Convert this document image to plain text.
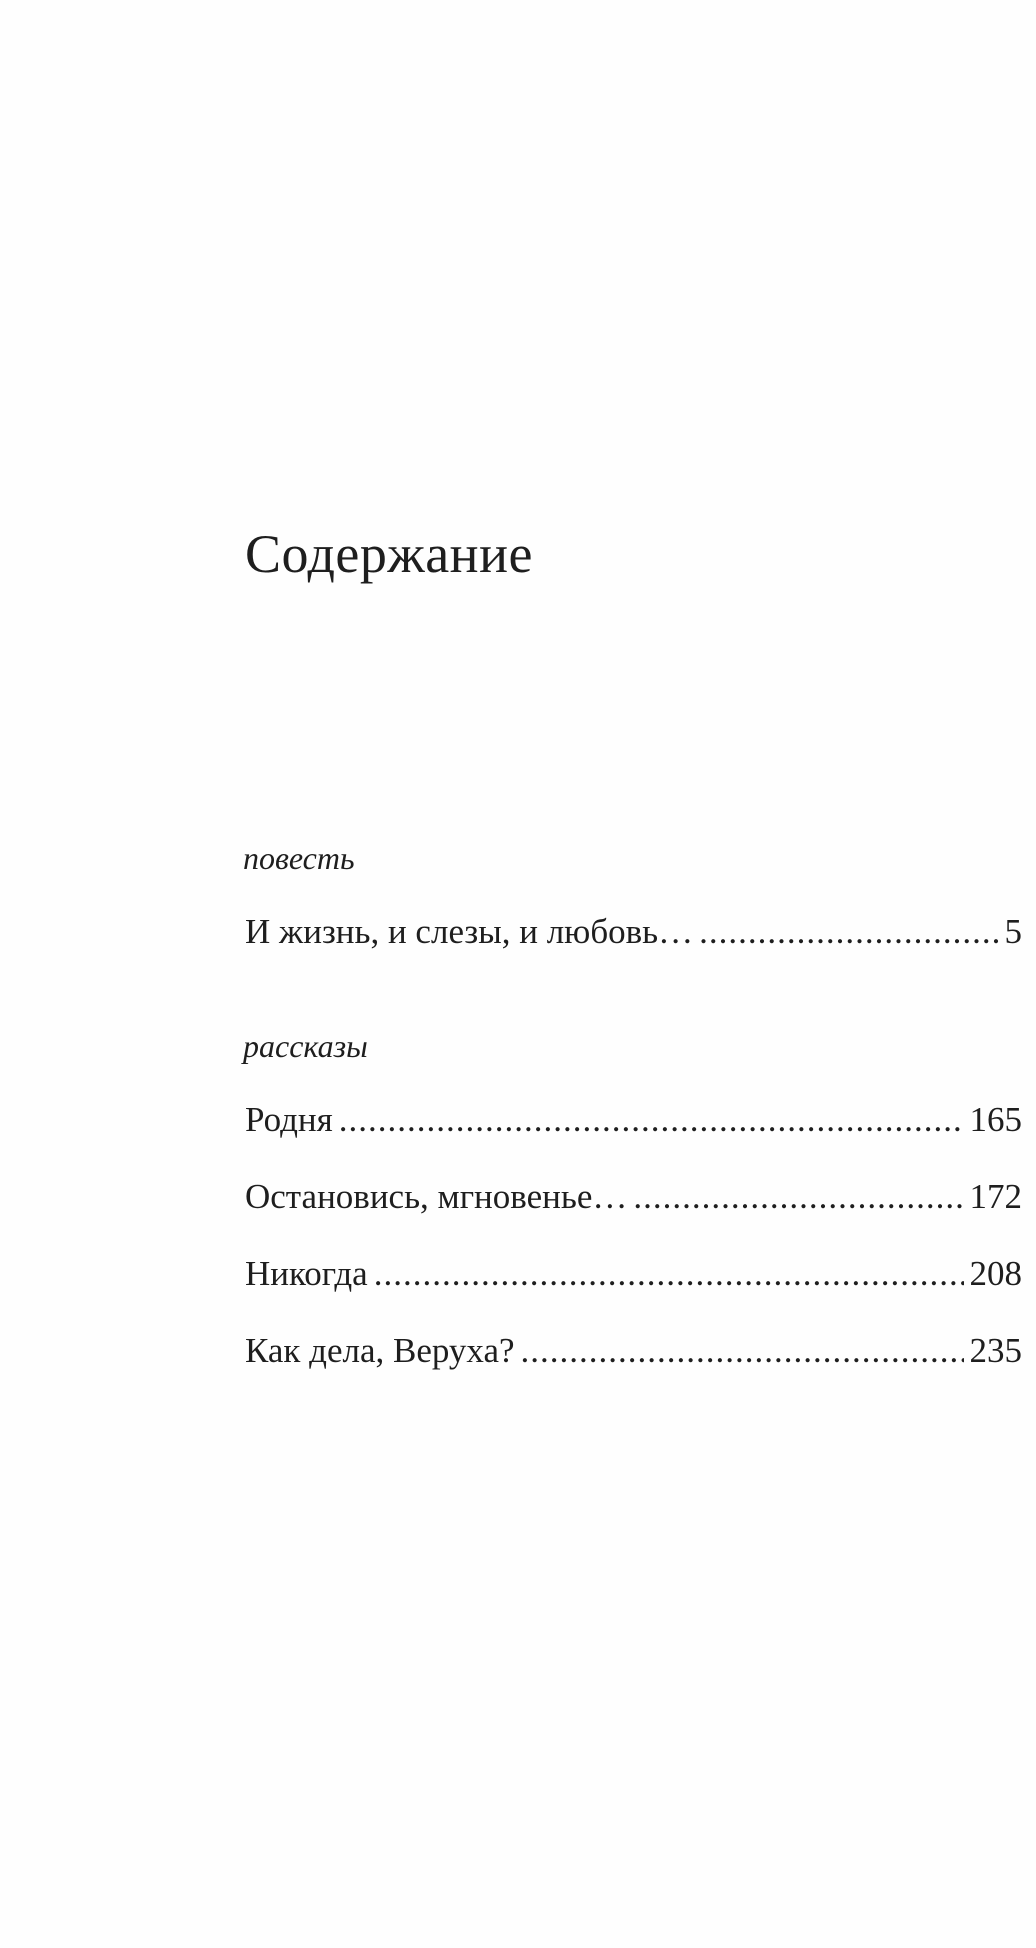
Содержание
повесть
И жизнь, и слезы, и любовь… .....	5
рассказы
Родня .....	165
Остановись, мгновенье… .....	172
Никогда .....	208
Как дела, Веруха? .....	235
